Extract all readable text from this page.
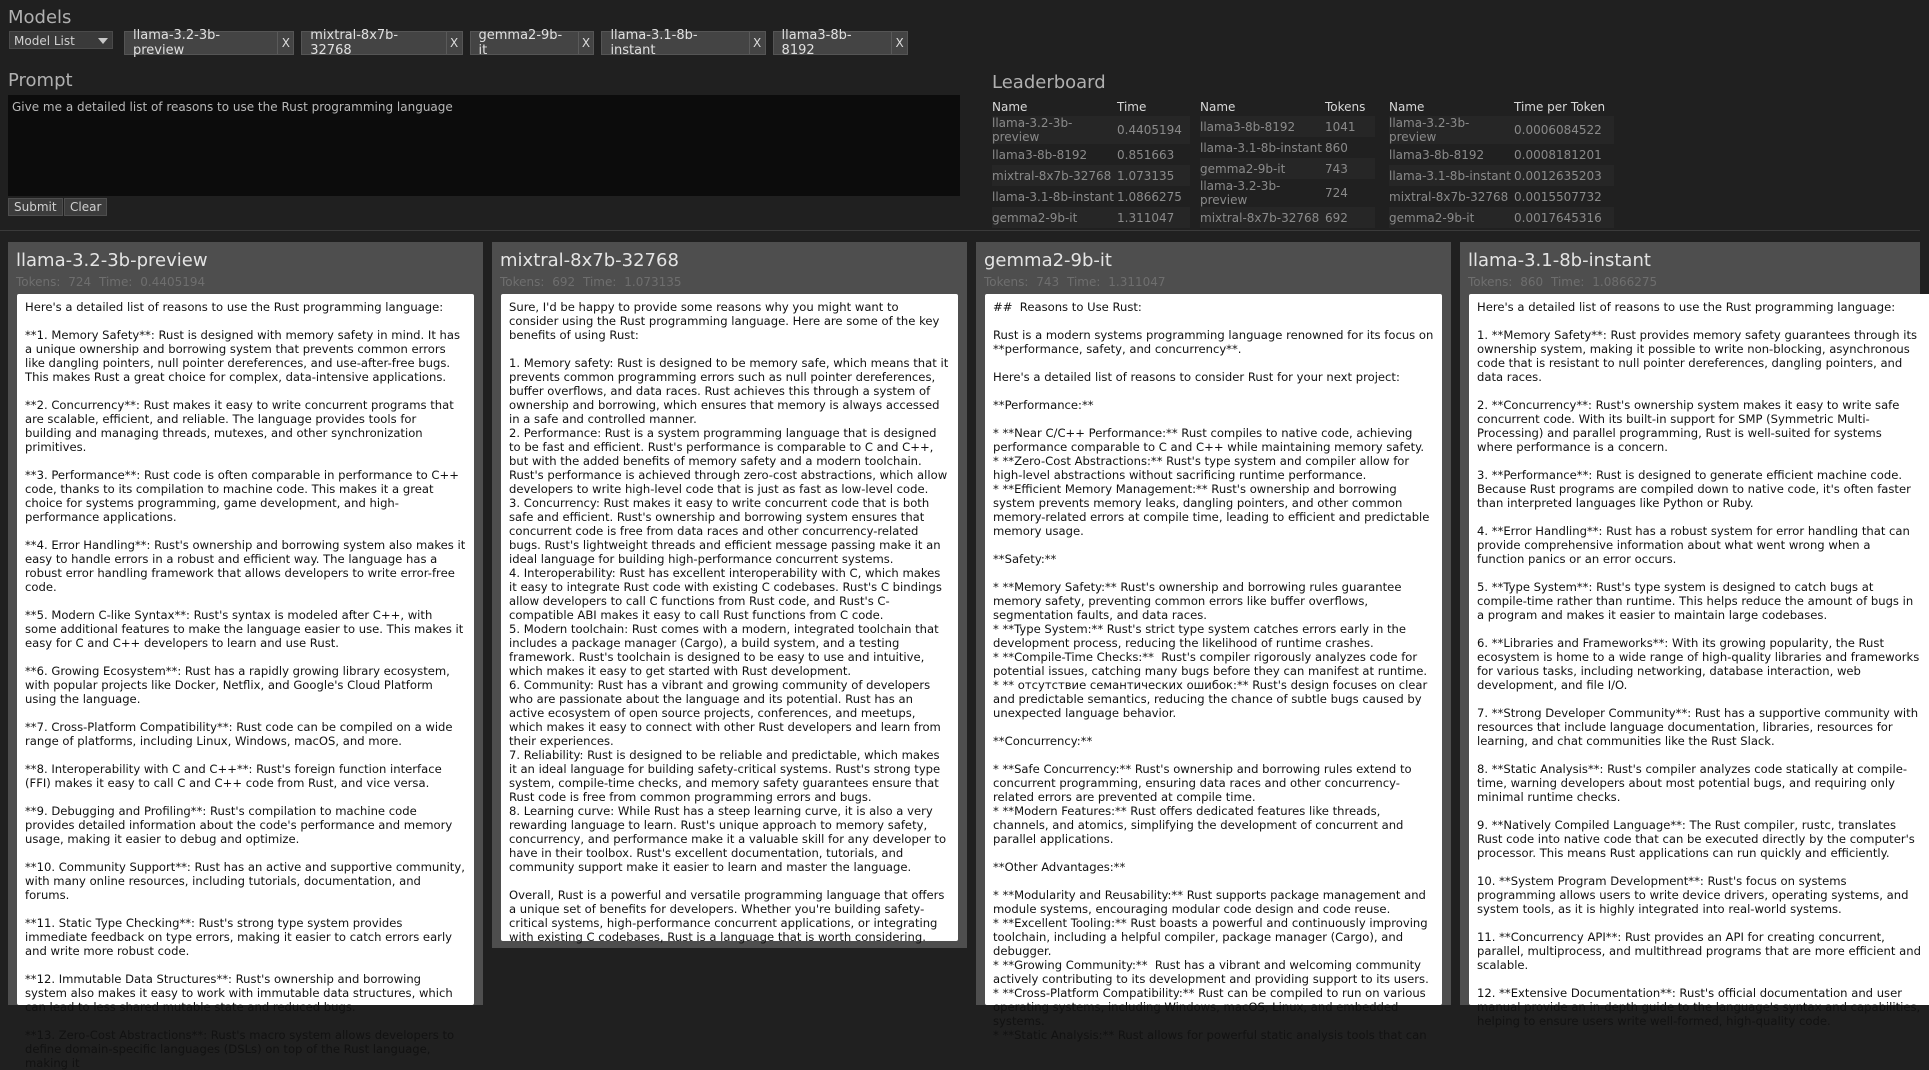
Models
Model List	llama-3.2-3b-preview	X mixtral-8x7b-32768	X gemma2-9b-it	X llama-3.1-8b-instant	X llama3-8b-8192	X
Prompt
Give me a detailed list of reasons to use the Rust programming language
Submit	Clear
Leaderboard
Name	Time
llama-3.2-3b-preview	0.4405194
llama3-8b-8192	0.851663
mixtral-8x7b-32768	1.073135
llama-3.1-8b-instant	1.0866275
gemma2-9b-it	1.311047
Name	Tokens
llama3-8b-8192	1041
llama-3.1-8b-instant	860
gemma2-9b-it	743
llama-3.2-3b-preview	724
mixtral-8x7b-32768	692
Name	Time per Token
llama-3.2-3b-preview	0.0006084522
llama3-8b-8192	0.0008181201
llama-3.1-8b-instant	0.0012635203
mixtral-8x7b-32768	0.0015507732
gemma2-9b-it	0.0017645316
llama-3.2-3b-preview
Tokens: 724 Time: 0.4405194
Here's a detailed list of reasons to use the Rust programming language:

**1. Memory Safety**: Rust is designed with memory safety in mind. It has a unique ownership and borrowing system that prevents common errors like dangling pointers, null pointer dereferences, and use-after-free bugs. This makes Rust a great choice for complex, data-intensive applications.

**2. Concurrency**: Rust makes it easy to write concurrent programs that are scalable, efficient, and reliable. The language provides tools for building and managing threads, mutexes, and other synchronization primitives.

**3. Performance**: Rust code is often comparable in performance to C++ code, thanks to its compilation to machine code. This makes it a great choice for systems programming, game development, and high-performance applications.

**4. Error Handling**: Rust's ownership and borrowing system also makes it easy to handle errors in a robust and efficient way. The language has a robust error handling framework that allows developers to write error-free code.

**5. Modern C-like Syntax**: Rust's syntax is modeled after C++, with some additional features to make the language easier to use. This makes it easy for C and C++ developers to learn and use Rust.

**6. Growing Ecosystem**: Rust has a rapidly growing library ecosystem, with popular projects like Docker, Netflix, and Google's Cloud Platform using the language.

**7. Cross-Platform Compatibility**: Rust code can be compiled on a wide range of platforms, including Linux, Windows, macOS, and more.

**8. Interoperability with C and C++**: Rust's foreign function interface (FFI) makes it easy to call C and C++ code from Rust, and vice versa.

**9. Debugging and Profiling**: Rust's compilation to machine code provides detailed information about the code's performance and memory usage, making it easier to debug and optimize.

**10. Community Support**: Rust has an active and supportive community, with many online resources, including tutorials, documentation, and forums.

**11. Static Type Checking**: Rust's strong type system provides immediate feedback on type errors, making it easier to catch errors early and write more robust code.

**12. Immutable Data Structures**: Rust's ownership and borrowing system also makes it easy to work with immutable data structures, which can lead to less shared mutable state and reduced bugs.

**13. Zero-Cost Abstractions**: Rust's macro system allows developers to define domain-specific languages (DSLs) on top of the Rust language, making it
mixtral-8x7b-32768
Tokens: 692 Time: 1.073135
Sure, I'd be happy to provide some reasons why you might want to consider using the Rust programming language. Here are some of the key benefits of using Rust:

1. Memory safety: Rust is designed to be memory safe, which means that it prevents common programming errors such as null pointer dereferences, buffer overflows, and data races. Rust achieves this through a system of ownership and borrowing, which ensures that memory is always accessed in a safe and controlled manner.
2. Performance: Rust is a system programming language that is designed to be fast and efficient. Rust's performance is comparable to C and C++, but with the added benefits of memory safety and a modern toolchain. Rust's performance is achieved through zero-cost abstractions, which allow developers to write high-level code that is just as fast as low-level code.
3. Concurrency: Rust makes it easy to write concurrent code that is both safe and efficient. Rust's ownership and borrowing system ensures that concurrent code is free from data races and other concurrency-related bugs. Rust's lightweight threads and efficient message passing make it an ideal language for building high-performance concurrent systems.
4. Interoperability: Rust has excellent interoperability with C, which makes it easy to integrate Rust code with existing C codebases. Rust's C bindings allow developers to call C functions from Rust code, and Rust's C-compatible ABI makes it easy to call Rust functions from C code.
5. Modern toolchain: Rust comes with a modern, integrated toolchain that includes a package manager (Cargo), a build system, and a testing framework. Rust's toolchain is designed to be easy to use and intuitive, which makes it easy to get started with Rust development.
6. Community: Rust has a vibrant and growing community of developers who are passionate about the language and its potential. Rust has an active ecosystem of open source projects, conferences, and meetups, which makes it easy to connect with other Rust developers and learn from their experiences.
7. Reliability: Rust is designed to be reliable and predictable, which makes it an ideal language for building safety-critical systems. Rust's strong type system, compile-time checks, and memory safety guarantees ensure that Rust code is free from common programming errors and bugs.
8. Learning curve: While Rust has a steep learning curve, it is also a very rewarding language to learn. Rust's unique approach to memory safety, concurrency, and performance make it a valuable skill for any developer to have in their toolbox. Rust's excellent documentation, tutorials, and community support make it easier to learn and master the language.

Overall, Rust is a powerful and versatile programming language that offers a unique set of benefits for developers. Whether you're building safety-critical systems, high-performance concurrent applications, or integrating with existing C codebases, Rust is a language that is worth considering.
gemma2-9b-it
Tokens: 743 Time: 1.311047
##  Reasons to Use Rust:

Rust is a modern systems programming language renowned for its focus on **performance, safety, and concurrency**.

Here's a detailed list of reasons to consider Rust for your next project:

**Performance:**

* **Near C/C++ Performance:** Rust compiles to native code, achieving performance comparable to C and C++ while maintaining memory safety.
* **Zero-Cost Abstractions:** Rust's type system and compiler allow for high-level abstractions without sacrificing runtime performance.
* **Efficient Memory Management:** Rust's ownership and borrowing system prevents memory leaks, dangling pointers, and other common memory-related errors at compile time, leading to efficient and predictable memory usage.

**Safety:**

* **Memory Safety:** Rust's ownership and borrowing rules guarantee memory safety, preventing common errors like buffer overflows, segmentation faults, and data races.
* **Type System:** Rust's strict type system catches errors early in the development process, reducing the likelihood of runtime crashes.
* **Compile-Time Checks:**  Rust's compiler rigorously analyzes code for potential issues, catching many bugs before they can manifest at runtime.
* ** отсутствие семантических ошибок:** Rust's design focuses on clear and predictable semantics, reducing the chance of subtle bugs caused by unexpected language behavior.

**Concurrency:**

* **Safe Concurrency:** Rust's ownership and borrowing rules extend to concurrent programming, ensuring data races and other concurrency-related errors are prevented at compile time.
* **Modern Features:** Rust offers dedicated features like threads, channels, and atomics, simplifying the development of concurrent and parallel applications.

**Other Advantages:**

* **Modularity and Reusability:** Rust supports package management and module systems, encouraging modular code design and code reuse.
* **Excellent Tooling:** Rust boasts a powerful and continuously improving toolchain, including a helpful compiler, package manager (Cargo), and debugger.
* **Growing Community:**  Rust has a vibrant and welcoming community actively contributing to its development and providing support to its users.
* **Cross-Platform Compatibility:** Rust can be compiled to run on various operating systems, including Windows, macOS, Linux, and embedded systems.
* **Static Analysis:** Rust allows for powerful static analysis tools that can
llama-3.1-8b-instant
Tokens: 860 Time: 1.0866275
Here's a detailed list of reasons to use the Rust programming language:

1. **Memory Safety**: Rust provides memory safety guarantees through its ownership system, making it possible to write non-blocking, asynchronous code that is resistant to null pointer dereferences, dangling pointers, and data races.

2. **Concurrency**: Rust's ownership system makes it easy to write safe concurrent code. With its built-in support for SMP (Symmetric Multi-Processing) and parallel programming, Rust is well-suited for systems where performance is a concern.

3. **Performance**: Rust is designed to generate efficient machine code. Because Rust programs are compiled down to native code, it's often faster than interpreted languages like Python or Ruby.

4. **Error Handling**: Rust has a robust system for error handling that can provide comprehensive information about what went wrong when a function panics or an error occurs.

5. **Type System**: Rust's type system is designed to catch bugs at compile-time rather than runtime. This helps reduce the amount of bugs in a program and makes it easier to maintain large codebases.

6. **Libraries and Frameworks**: With its growing popularity, the Rust ecosystem is home to a wide range of high-quality libraries and frameworks for various tasks, including networking, database interaction, web development, and file I/O.

7. **Strong Developer Community**: Rust has a supportive community with resources that include language documentation, libraries, resources for learning, and chat communities like the Rust Slack.

8. **Static Analysis**: Rust's compiler analyzes code statically at compile-time, warning developers about most potential bugs, and requiring only minimal runtime checks.

9. **Natively Compiled Language**: The Rust compiler, rustc, translates Rust code into native code that can be executed directly by the computer's processor. This means Rust applications can run quickly and efficiently.

10. **System Program Development**: Rust's focus on systems programming allows users to write device drivers, operating systems, and system tools, as it is highly integrated into real-world systems.

11. **Concurrency API**: Rust provides an API for creating concurrent, parallel, multiprocess, and multithread programs that are more efficient and scalable.

12. **Extensive Documentation**: Rust's official documentation and user manual provide an in-depth guide to the language's syntax and capabilities, helping to ensure users write well-formed, high-quality code.
